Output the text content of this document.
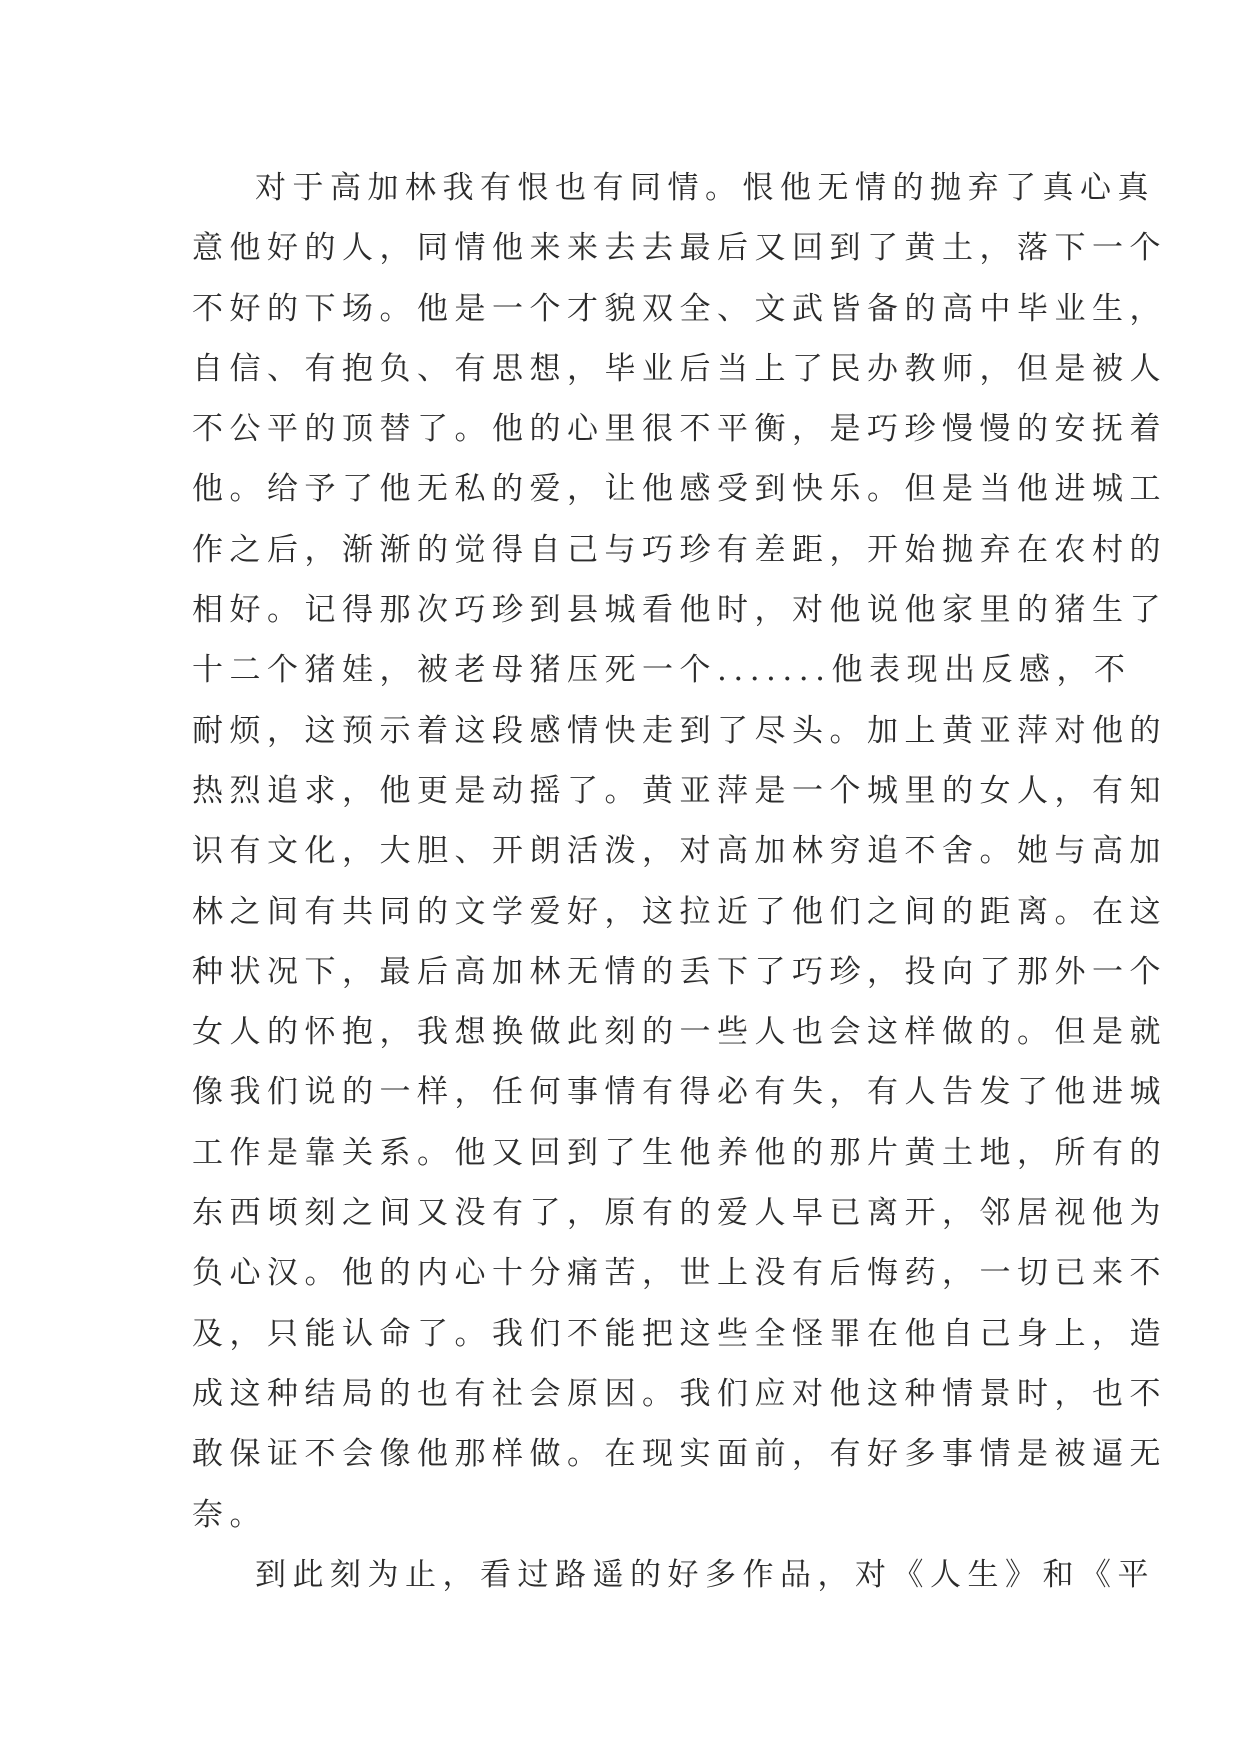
对于高加林我有恨也有同情。恨他无情的抛弃了真心真
意他好的人，同情他来来去去最后又回到了黄土，落下一个
不好的下场。他是一个才貌双全、文武皆备的高中毕业生，
自信、有抱负、有思想，毕业后当上了民办教师，但是被人
不公平的顶替了。他的心里很不平衡，是巧珍慢慢的安抚着
他。给予了他无私的爱，让他感受到快乐。但是当他进城工
作之后，渐渐的觉得自己与巧珍有差距，开始抛弃在农村的
相好。记得那次巧珍到县城看他时，对他说他家里的猪生了
十二个猪娃，被老母猪压死一个.......他表现出反感，不
耐烦，这预示着这段感情快走到了尽头。加上黄亚萍对他的
热烈追求，他更是动摇了。黄亚萍是一个城里的女人，有知
识有文化，大胆、开朗活泼，对高加林穷追不舍。她与高加
林之间有共同的文学爱好，这拉近了他们之间的距离。在这
种状况下，最后高加林无情的丢下了巧珍，投向了那外一个
女人的怀抱，我想换做此刻的一些人也会这样做的。但是就
像我们说的一样，任何事情有得必有失，有人告发了他进城
工作是靠关系。他又回到了生他养他的那片黄土地，所有的
东西顷刻之间又没有了，原有的爱人早已离开，邻居视他为
负心汉。他的内心十分痛苦，世上没有后悔药，一切已来不
及，只能认命了。我们不能把这些全怪罪在他自己身上，造
成这种结局的也有社会原因。我们应对他这种情景时，也不
敢保证不会像他那样做。在现实面前，有好多事情是被逼无
奈。
到此刻为止，看过路遥的好多作品，对《人生》和《平
